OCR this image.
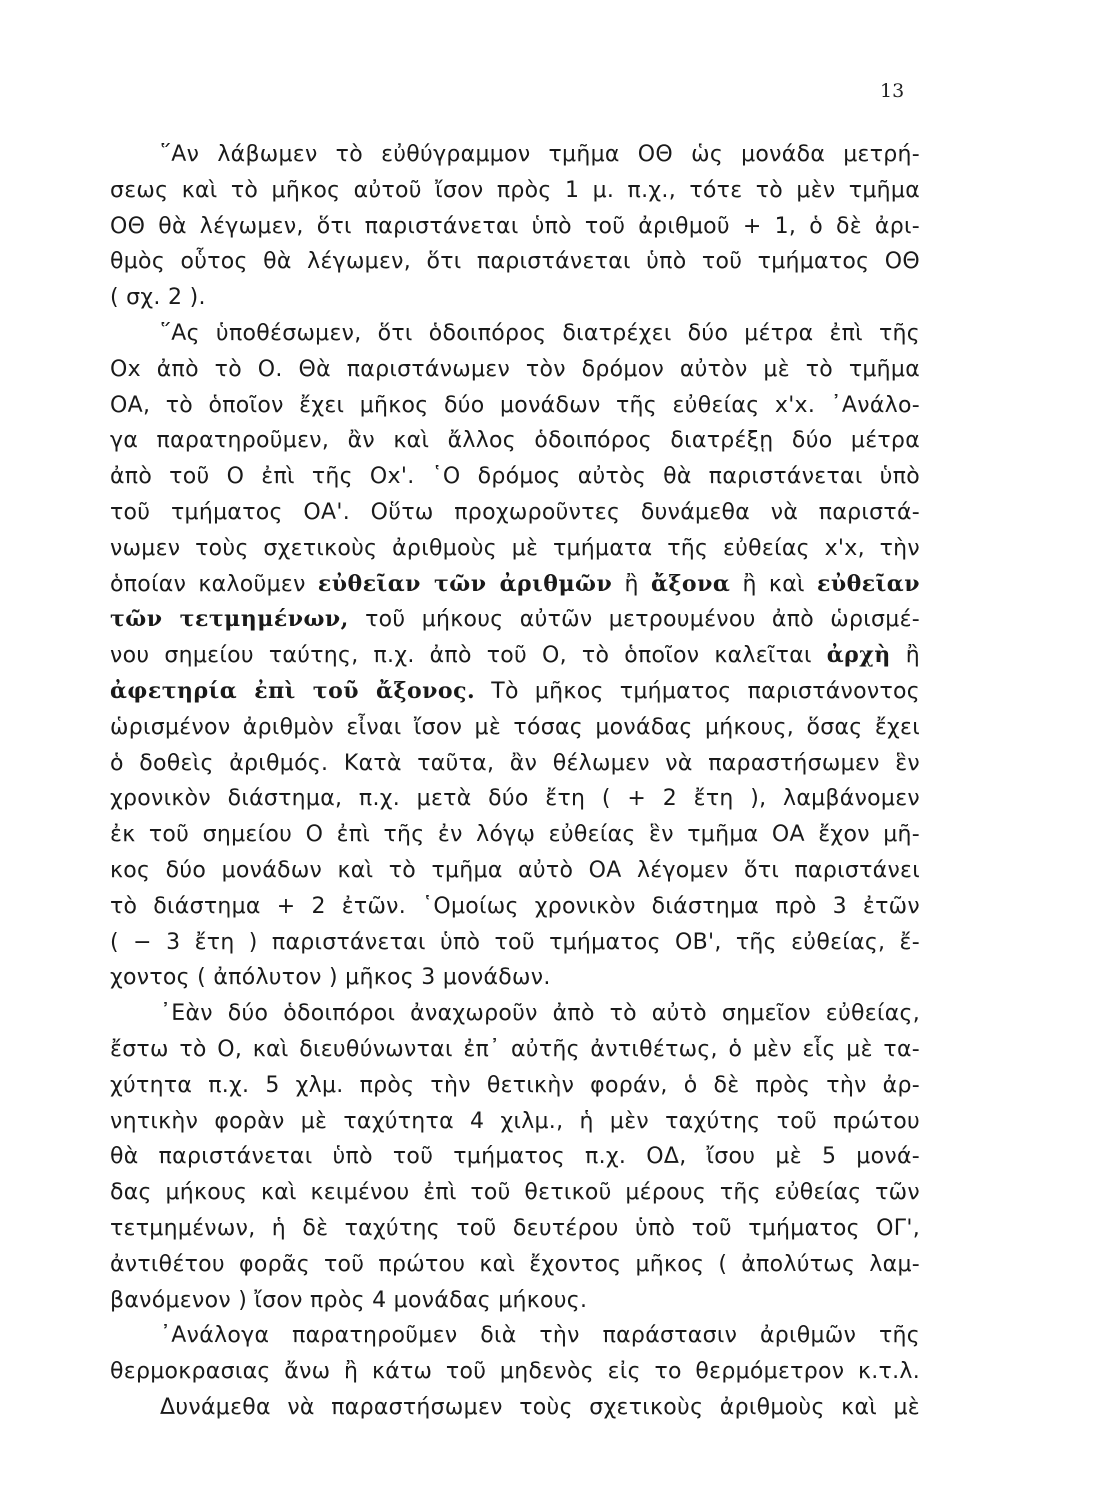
13
῞Αν λάβωμεν τὸ εὐθύγραμμον τμῆμα ΟΘ ὡς μονάδα μετρή-
σεως καὶ τὸ μῆκος αὐτοῦ ἴσον πρὸς 1 μ. π.χ., τότε τὸ μὲν τμῆμα
ΟΘ θὰ λέγωμεν, ὅτι παριστάνεται ὑπὸ τοῦ ἀριθμοῦ + 1, ὁ δὲ ἀρι-
θμὸς οὗτος θὰ λέγωμεν, ὅτι παριστάνεται ὑπὸ τοῦ τμήματος ΟΘ
( σχ. 2 ).
῞Ας ὑποθέσωμεν, ὅτι ὁδοιπόρος διατρέχει δύο μέτρα ἐπὶ τῆς
Οx ἀπὸ τὸ Ο. Θὰ παριστάνωμεν τὸν δρόμον αὐτὸν μὲ τὸ τμῆμα
ΟΑ, τὸ ὁποῖον ἔχει μῆκος δύο μονάδων τῆς εὐθείας x'x. ᾿Ανάλο-
γα παρατηροῦμεν, ἂν καὶ ἄλλος ὁδοιπόρος διατρέξῃ δύο μέτρα
ἀπὸ τοῦ Ο ἐπὶ τῆς Οx'. ῾Ο δρόμος αὐτὸς θὰ παριστάνεται ὑπὸ
τοῦ τμήματος ΟΑ'. Οὕτω προχωροῦντες δυνάμεθα νὰ παριστά-
νωμεν τοὺς σχετικοὺς ἀριθμοὺς μὲ τμήματα τῆς εὐθείας x'x, τὴν
ὁποίαν καλοῦμεν εὐθεῖαν τῶν ἀριθμῶν ἢ ἄξονα ἢ καὶ εὐθεῖαν
τῶν τετμημένων, τοῦ μήκους αὐτῶν μετρουμένου ἀπὸ ὡρισμέ-
νου σημείου ταύτης, π.χ. ἀπὸ τοῦ Ο, τὸ ὁποῖον καλεῖται ἀρχὴ ἢ
ἀφετηρία ἐπὶ τοῦ ἄξονος. Τὸ μῆκος τμήματος παριστάνοντος
ὡρισμένον ἀριθμὸν εἶναι ἴσον μὲ τόσας μονάδας μήκους, ὅσας ἔχει
ὁ δοθεὶς ἀριθμός. Κατὰ ταῦτα, ἂν θέλωμεν νὰ παραστήσωμεν ἓν
χρονικὸν διάστημα, π.χ. μετὰ δύο ἔτη ( + 2 ἔτη ), λαμβάνομεν
ἐκ τοῦ σημείου Ο ἐπὶ τῆς ἐν λόγῳ εὐθείας ἓν τμῆμα ΟΑ ἔχον μῆ-
κος δύο μονάδων καὶ τὸ τμῆμα αὐτὸ ΟΑ λέγομεν ὅτι παριστάνει
τὸ διάστημα + 2 ἐτῶν. ῾Ομοίως χρονικὸν διάστημα πρὸ 3 ἐτῶν
( − 3 ἔτη ) παριστάνεται ὑπὸ τοῦ τμήματος ΟΒ', τῆς εὐθείας, ἔ-
χοντος ( ἀπόλυτον ) μῆκος 3 μονάδων.
᾿Εὰν δύο ὁδοιπόροι ἀναχωροῦν ἀπὸ τὸ αὐτὸ σημεῖον εὐθείας,
ἔστω τὸ Ο, καὶ διευθύνωνται ἐπ᾿ αὐτῆς ἀντιθέτως, ὁ μὲν εἷς μὲ τα-
χύτητα π.χ. 5 χλμ. πρὸς τὴν θετικὴν φοράν, ὁ δὲ πρὸς τὴν ἀρ-
νητικὴν φορὰν μὲ ταχύτητα 4 χιλμ., ἡ μὲν ταχύτης τοῦ πρώτου
θὰ παριστάνεται ὑπὸ τοῦ τμήματος π.χ. ΟΔ, ἴσου μὲ 5 μονά-
δας μήκους καὶ κειμένου ἐπὶ τοῦ θετικοῦ μέρους τῆς εὐθείας τῶν
τετμημένων, ἡ δὲ ταχύτης τοῦ δευτέρου ὑπὸ τοῦ τμήματος ΟΓ',
ἀντιθέτου φορᾶς τοῦ πρώτου καὶ ἔχοντος μῆκος ( ἀπολύτως λαμ-
βανόμενον ) ἴσον πρὸς 4 μονάδας μήκους.
᾿Ανάλογα παρατηροῦμεν διὰ τὴν παράστασιν ἀριθμῶν τῆς
θερμοκρασιας ἄνω ἢ κάτω τοῦ μηδενὸς εἰς το θερμόμετρον κ.τ.λ.
Δυνάμεθα νὰ παραστήσωμεν τοὺς σχετικοὺς ἀριθμοὺς καὶ μὲ
